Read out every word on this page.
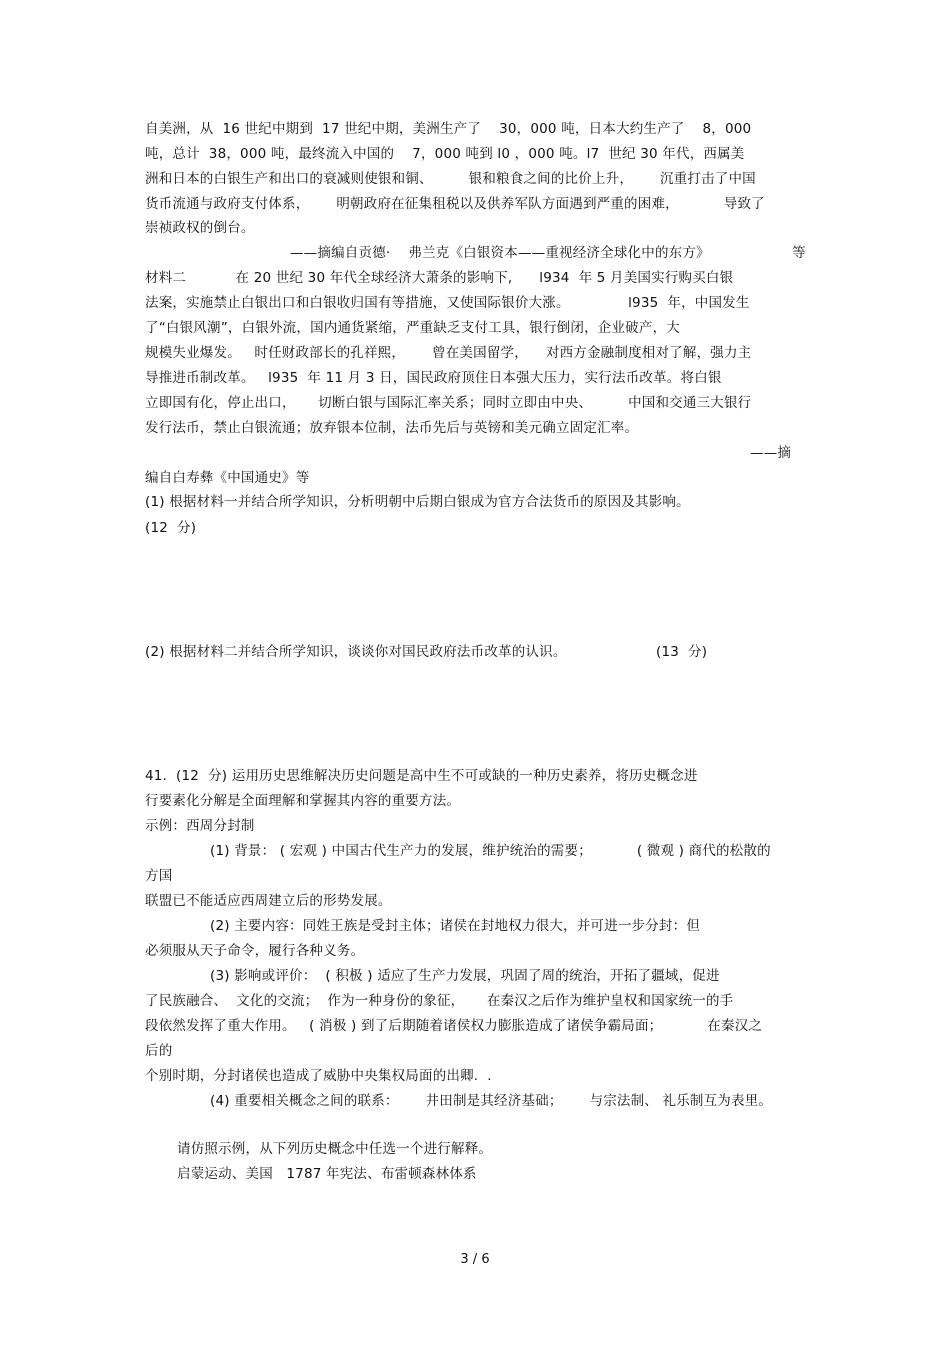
自美洲，从  16 世纪中期到  17 世纪中期，美洲生产了    30，000 吨，日本大约生产了    8，000
吨，总计  38，000 吨，最终流入中国的    7，000 吨到 l0 ，000 吨。l7  世纪 30 年代，西属美
洲和日本的白银生产和出口的衰减则使银和铜、        银和粮食之间的比价上升，      沉重打击了中国
货币流通与政府支付体系，      明朝政府在征集租税以及供养军队方面遇到严重的困难，          导致了
崇祯政权的倒台。
——摘编自贡德·    弗兰克《白银资本——重视经济全球化中的东方》	等
材料二           在 20 世纪 30 年代全球经济大萧条的影响下,      l934  年 5 月美国实行购买白银
法案，实施禁止白银出口和白银收归国有等措施，又使国际银价大涨。             l935  年，中国发生
了“白银风潮”，白银外流，国内通货紧缩，严重缺乏支付工具，银行倒闭，企业破产，大
规模失业爆发。   时任财政部长的孔祥熙，      曾在美国留学，    对西方金融制度相对了解，强力主
导推进币制改革。   l935  年 11 月 3 日，国民政府顶住日本强大压力，实行法币改革。将白银
立即国有化，停止出口，     切断白银与国际汇率关系；同时立即由中央、        中国和交通三大银行
发行法币，禁止白银流通；放弃银本位制，法币先后与英镑和美元确立固定汇率。
——摘
编自白寿彝《中国通史》等
(1) 根据材料一并结合所学知识，分析明朝中后期白银成为官方合法货币的原因及其影响。
(12  分)
(2) 根据材料二并结合所学知识，谈谈你对国民政府法币改革的认识。	(13  分)
41.  (12  分) 运用历史思维解决历史问题是高中生不可或缺的一种历史素养，将历史概念进
行要素化分解是全面理解和掌握其内容的重要方法。
示例：西周分封制
(1) 背景： ( 宏观 ) 中国古代生产力的发展，维护统治的需要；          ( 微观 ) 商代的松散的
方国
联盟已不能适应西周建立后的形势发展。
(2) 主要内容：同姓王族是受封主体；诸侯在封地权力很大，并可进一步分封：但
必须服从天子命令，履行各种义务。
(3) 影响或评价：  ( 积极 ) 适应了生产力发展，巩固了周的统治，开拓了疆域，促进
了民族融合、  文化的交流；  作为一种身份的象征，     在秦汉之后作为维护皇权和国家统一的手
段依然发挥了重大作用。   ( 消极 ) 到了后期随着诸侯权力膨胀造成了诸侯争霸局面；          在秦汉之
后的
个别时期，分封诸侯也造成了威胁中央集权局面的出卿.  .
(4) 重要相关概念之间的联系：      井田制是其经济基础；      与宗法制、 礼乐制互为表里。
请仿照示例，从下列历史概念中任选一个进行解释。
启蒙运动、美国   1787 年宪法、布雷顿森林体系
3 / 6
